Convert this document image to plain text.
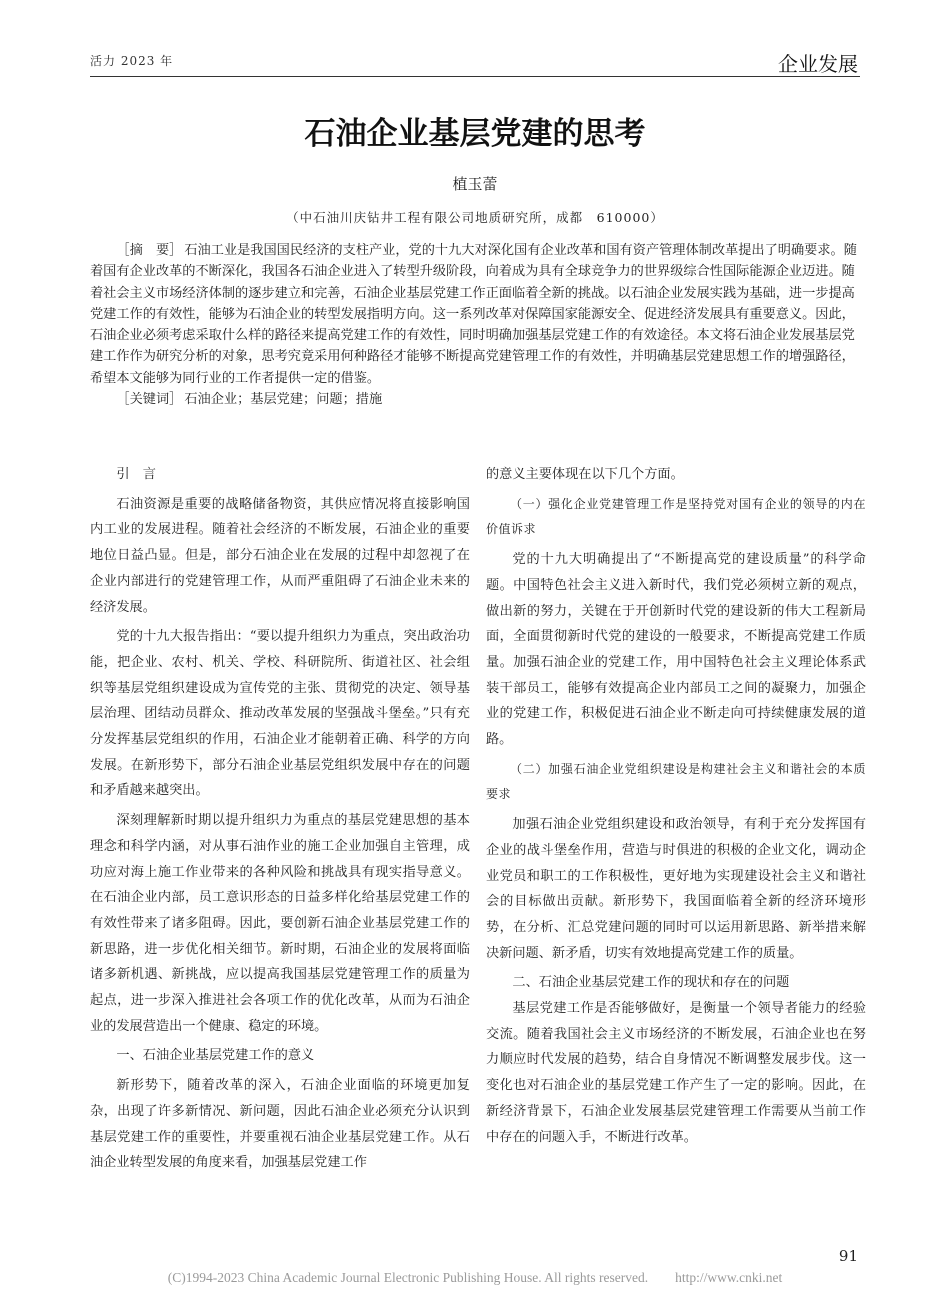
活力 2023 年	企业发展
石油企业基层党建的思考
植玉蕾
（中石油川庆钻井工程有限公司地质研究所，成都　610000）

［摘　要］ 石油工业是我国国民经济的支柱产业，党的十九大对深化国有企业改革和国有资产管理体制改革提出了明确要求。随着国有企业改革的不断深化，我国各石油企业进入了转型升级阶段，向着成为具有全球竞争力的世界级综合性国际能源企业迈进。随着社会主义市场经济体制的逐步建立和完善，石油企业基层党建工作正面临着全新的挑战。以石油企业发展实践为基础，进一步提高党建工作的有效性，能够为石油企业的转型发展指明方向。这一系列改革对保障国家能源安全、促进经济发展具有重要意义。因此，石油企业必须考虑采取什么样的路径来提高党建工作的有效性，同时明确加强基层党建工作的有效途径。本文将石油企业发展基层党建工作作为研究分析的对象，思考究竟采用何种路径才能够不断提高党建管理工作的有效性，并明确基层党建思想工作的增强路径，希望本文能够为同行业的工作者提供一定的借鉴。

［关键词］ 石油企业；基层党建；问题；措施

引　言

石油资源是重要的战略储备物资，其供应情况将直接影响国内工业的发展进程。随着社会经济的不断发展，石油企业的重要地位日益凸显。但是，部分石油企业在发展的过程中却忽视了在企业内部进行的党建管理工作，从而严重阻碍了石油企业未来的经济发展。

党的十九大报告指出：“要以提升组织力为重点，突出政治功能，把企业、农村、机关、学校、科研院所、街道社区、社会组织等基层党组织建设成为宣传党的主张、贯彻党的决定、领导基层治理、团结动员群众、推动改革发展的坚强战斗堡垒。”只有充分发挥基层党组织的作用，石油企业才能朝着正确、科学的方向发展。在新形势下，部分石油企业基层党组织发展中存在的问题和矛盾越来越突出。

深刻理解新时期以提升组织力为重点的基层党建思想的基本理念和科学内涵，对从事石油作业的施工企业加强自主管理，成功应对海上施工作业带来的各种风险和挑战具有现实指导意义。在石油企业内部，员工意识形态的日益多样化给基层党建工作的有效性带来了诸多阻碍。因此，要创新石油企业基层党建工作的新思路，进一步优化相关细节。新时期，石油企业的发展将面临诸多新机遇、新挑战，应以提高我国基层党建管理工作的质量为起点，进一步深入推进社会各项工作的优化改革，从而为石油企业的发展营造出一个健康、稳定的环境。

一、石油企业基层党建工作的意义

新形势下，随着改革的深入，石油企业面临的环境更加复杂，出现了许多新情况、新问题，因此石油企业必须充分认识到基层党建工作的重要性，并要重视石油企业基层党建工作。从石油企业转型发展的角度来看，加强基层党建工作

的意义主要体现在以下几个方面。

（一）强化企业党建管理工作是坚持党对国有企业的领导的内在价值诉求

党的十九大明确提出了“不断提高党的建设质量”的科学命题。中国特色社会主义进入新时代，我们党必须树立新的观点，做出新的努力，关键在于开创新时代党的建设新的伟大工程新局面，全面贯彻新时代党的建设的一般要求，不断提高党建工作质量。加强石油企业的党建工作，用中国特色社会主义理论体系武装干部员工，能够有效提高企业内部员工之间的凝聚力，加强企业的党建工作，积极促进石油企业不断走向可持续健康发展的道路。

（二）加强石油企业党组织建设是构建社会主义和谐社会的本质要求

加强石油企业党组织建设和政治领导，有利于充分发挥国有企业的战斗堡垒作用，营造与时俱进的积极的企业文化，调动企业党员和职工的工作积极性，更好地为实现建设社会主义和谐社会的目标做出贡献。新形势下，我国面临着全新的经济环境形势，在分析、汇总党建问题的同时可以运用新思路、新举措来解决新问题、新矛盾，切实有效地提高党建工作的质量。

二、石油企业基层党建工作的现状和存在的问题

基层党建工作是否能够做好，是衡量一个领导者能力的经验交流。随着我国社会主义市场经济的不断发展，石油企业也在努力顺应时代发展的趋势，结合自身情况不断调整发展步伐。这一变化也对石油企业的基层党建工作产生了一定的影响。因此，在新经济背景下，石油企业发展基层党建管理工作需要从当前工作中存在的问题入手，不断进行改革。

91
(C)1994-2023 China Academic Journal Electronic Publishing House. All rights reserved.　　http://www.cnki.net
